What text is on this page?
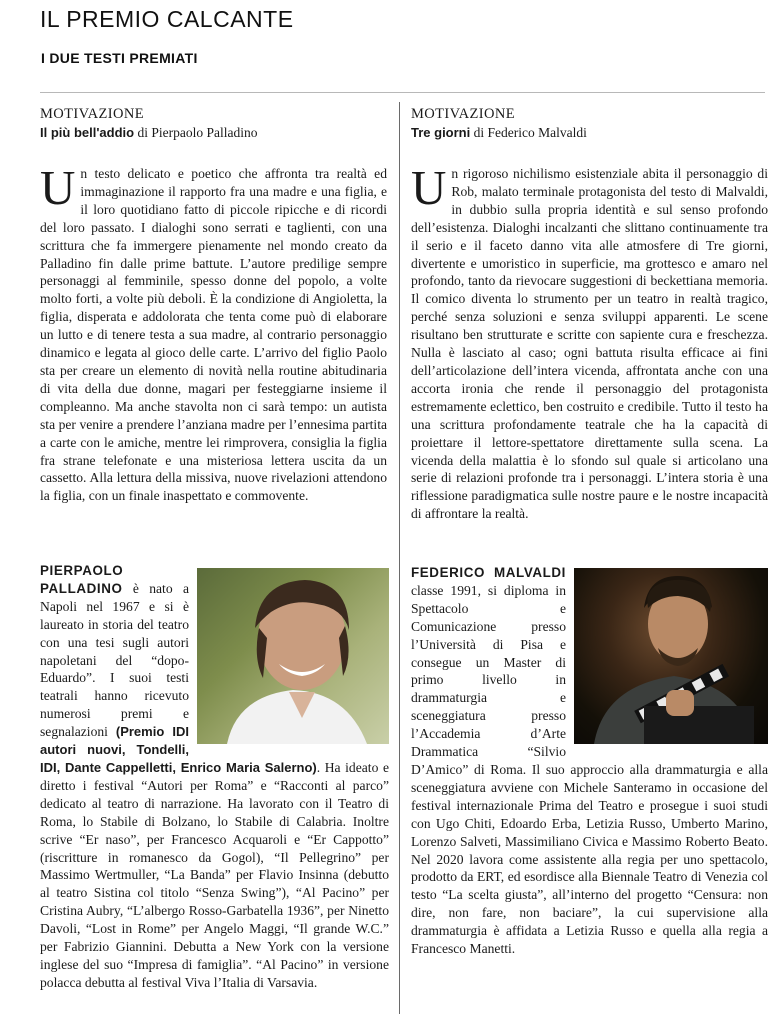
IL PREMIO CALCANTE
I DUE TESTI PREMIATI
MOTIVAZIONE
Il più bell'addio di Pierpaolo Palladino
Un testo delicato e poetico che affronta tra realtà ed immaginazione il rapporto fra una madre e una figlia, e il loro quotidiano fatto di piccole ripicche e di ricordi del loro passato. I dialoghi sono serrati e taglienti, con una scrittura che fa immergere pienamente nel mondo creato da Palladino fin dalle prime battute. L’autore predilige sempre personaggi al femminile, spesso donne del popolo, a volte molto forti, a volte più deboli. È la condizione di Angioletta, la figlia, disperata e addolorata che tenta come può di elaborare un lutto e di tenere testa a sua madre, al contrario personaggio dinamico e legata al gioco delle carte. L’arrivo del figlio Paolo sta per creare un elemento di novità nella routine abitudinaria di vita della due donne, magari per festeggiarne insieme il compleanno. Ma anche stavolta non ci sarà tempo: un autista sta per venire a prendere l’anziana madre per l’ennesima partita a carte con le amiche, mentre lei rimprovera, consiglia la figlia fra strane telefonate e una misteriosa lettera uscita da un cassetto. Alla lettura della missiva, nuove rivelazioni attendono la figlia, con un finale inaspettato e commovente.
PIERPAOLO PALLADINO è nato a Napoli nel 1967 e si è laureato in storia del teatro con una tesi sugli autori napoletani del “dopo-Eduardo”. I suoi testi teatrali hanno ricevuto numerosi premi e segnalazioni (Premio IDI autori nuovi, Tondelli, IDI, Dante Cappelletti, Enrico Maria Salerno). Ha ideato e diretto i festival “Autori per Roma” e “Racconti al parco” dedicato al teatro di narrazione. Ha lavorato con il Teatro di Roma, lo Stabile di Bolzano, lo Stabile di Calabria. Inoltre scrive “Er naso”, per Francesco Acquaroli e “Er Cappotto” (riscritture in romanesco da Gogol), “Il Pellegrino” per Massimo Wertmuller, “La Banda” per Flavio Insinna (debutto al teatro Sistina col titolo “Senza Swing”), “Al Pacino” per Cristina Aubry, “L’albergo Rosso-Garbatella 1936”, per Ninetto Davoli, “Lost in Rome” per Angelo Maggi, “Il grande W.C.” per Fabrizio Giannini. Debutta a New York con la versione inglese del suo “Impresa di famiglia”. “Al Pacino” in versione polacca debutta al festival Viva l’Italia di Varsavia.
MOTIVAZIONE
Tre giorni di Federico Malvaldi
Un rigoroso nichilismo esistenziale abita il personaggio di Rob, malato terminale protagonista del testo di Malvaldi, in dubbio sulla propria identità e sul senso profondo dell’esistenza. Dialoghi incalzanti che slittano continuamente tra il serio e il faceto danno vita alle atmosfere di Tre giorni, divertente e umoristico in superficie, ma grottesco e amaro nel profondo, tanto da rievocare suggestioni di beckettiana memoria. Il comico diventa lo strumento per un teatro in realtà tragico, perché senza soluzioni e senza sviluppi apparenti. Le scene risultano ben strutturate e scritte con sapiente cura e freschezza. Nulla è lasciato al caso; ogni battuta risulta efficace ai fini dell’articolazione dell’intera vicenda, affrontata anche con una accorta ironia che rende il personaggio del protagonista estremamente eclettico, ben costruito e credibile. Tutto il testo ha una scrittura profondamente teatrale che ha la capacità di proiettare il lettore-spettatore direttamente sulla scena. La vicenda della malattia è lo sfondo sul quale si articolano una serie di relazioni profonde tra i personaggi. L’intera storia è una riflessione paradigmatica sulle nostre paure e le nostre incapacità di affrontare la realtà.
FEDERICO MALVALDI classe 1991, si diploma in Spettacolo e Comunicazione presso l’Università di Pisa e consegue un Master di primo livello in drammaturgia e sceneggiatura presso l’Accademia d’Arte Drammatica “Silvio D’Amico” di Roma. Il suo approccio alla drammaturgia e alla sceneggiatura avviene con Michele Santeramo in occasione del festival internazionale Prima del Teatro e prosegue i suoi studi con Ugo Chiti, Edoardo Erba, Letizia Russo, Umberto Marino, Lorenzo Salveti, Massimiliano Civica e Massimo Roberto Beato. Nel 2020 lavora come assistente alla regia per uno spettacolo, prodotto da ERT, ed esordisce alla Biennale Teatro di Venezia col testo “La scelta giusta”, all’interno del progetto “Censura: non dire, non fare, non baciare”, la cui supervisione alla drammaturgia è affidata a Letizia Russo e quella alla regia a Francesco Manetti.
